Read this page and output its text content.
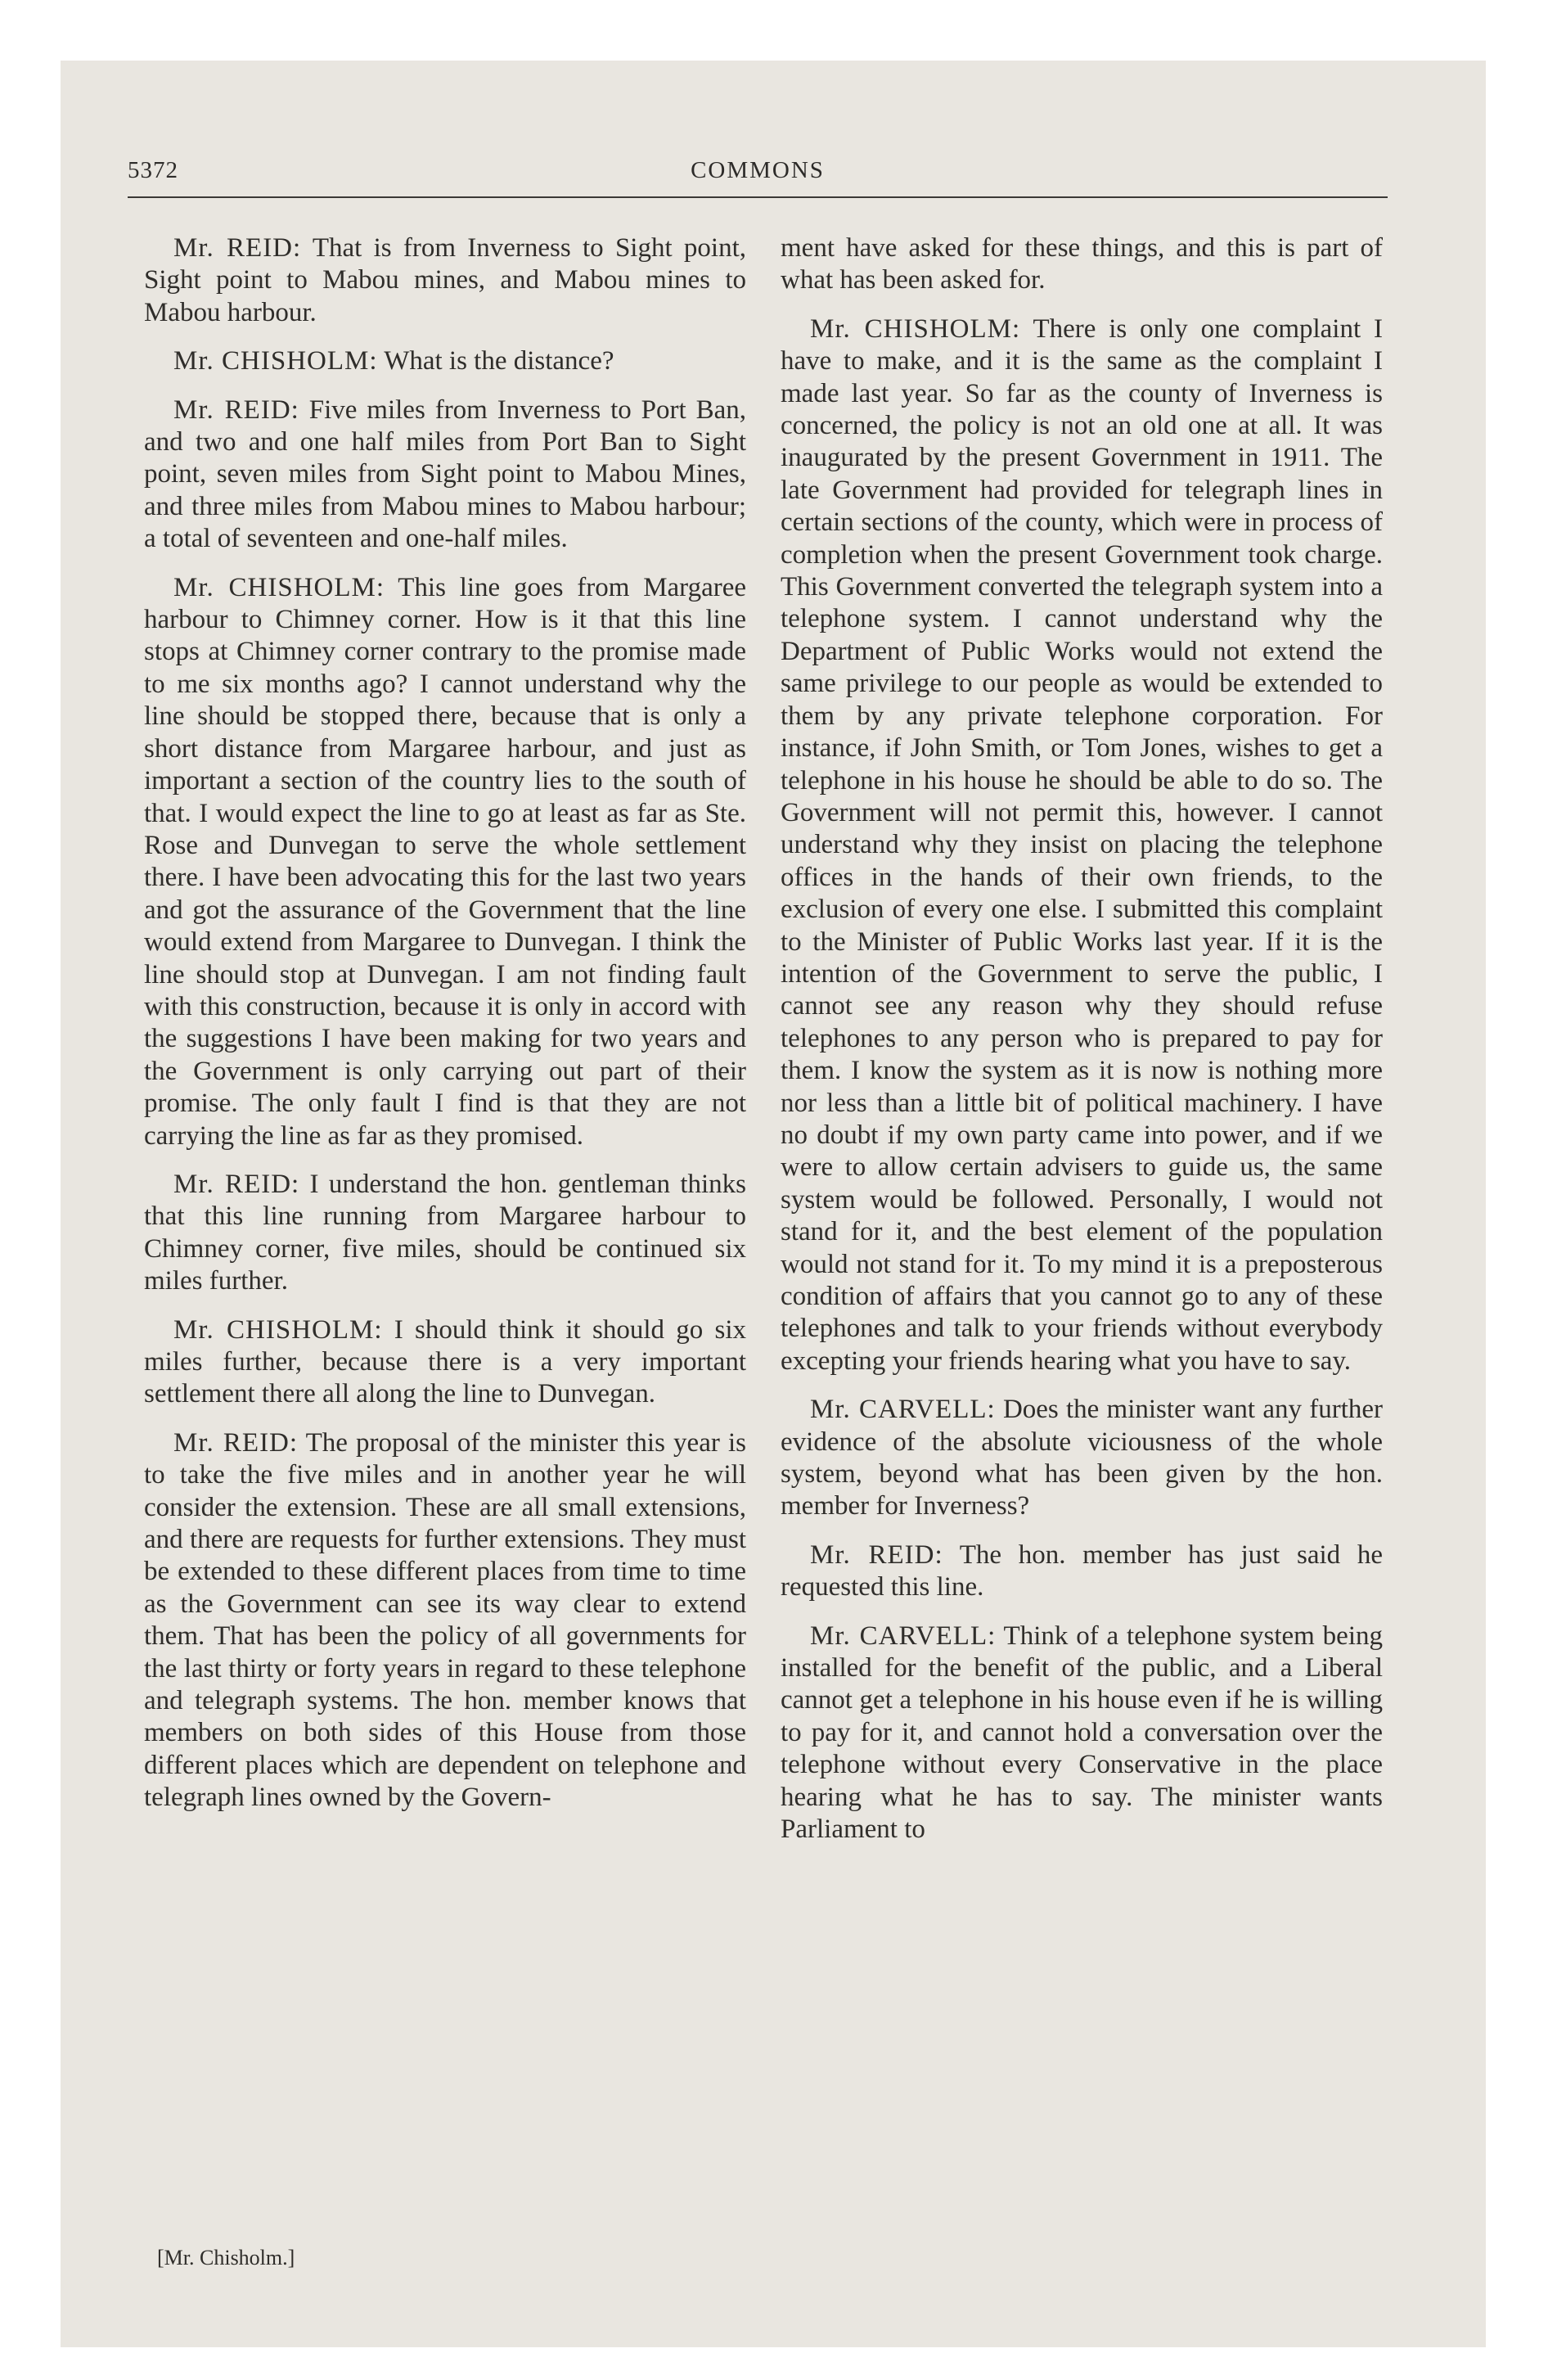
5372	COMMONS

Mr. REID: That is from Inverness to Sight point, Sight point to Mabou mines, and Mabou mines to Mabou harbour.

Mr. CHISHOLM: What is the distance?

Mr. REID: Five miles from Inverness to Port Ban, and two and one half miles from Port Ban to Sight point, seven miles from Sight point to Mabou Mines, and three miles from Mabou mines to Mabou harbour; a total of seventeen and one-half miles.

Mr. CHISHOLM: This line goes from Margaree harbour to Chimney corner. How is it that this line stops at Chimney corner contrary to the promise made to me six months ago? I cannot understand why the line should be stopped there, because that is only a short distance from Margaree harbour, and just as important a section of the country lies to the south of that. I would expect the line to go at least as far as Ste. Rose and Dunvegan to serve the whole settlement there. I have been advocating this for the last two years and got the assurance of the Government that the line would extend from Margaree to Dunvegan. I think the line should stop at Dunvegan. I am not finding fault with this construction, because it is only in accord with the suggestions I have been making for two years and the Government is only carrying out part of their promise. The only fault I find is that they are not carrying the line as far as they promised.

Mr. REID: I understand the hon. gentleman thinks that this line running from Margaree harbour to Chimney corner, five miles, should be continued six miles further.

Mr. CHISHOLM: I should think it should go six miles further, because there is a very important settlement there all along the line to Dunvegan.

Mr. REID: The proposal of the minister this year is to take the five miles and in another year he will consider the extension. These are all small extensions, and there are requests for further extensions. They must be extended to these different places from time to time as the Government can see its way clear to extend them. That has been the policy of all governments for the last thirty or forty years in regard to these telephone and telegraph systems. The hon. member knows that members on both sides of this House from those different places which are dependent on telephone and telegraph lines owned by the Govern-

ment have asked for these things, and this is part of what has been asked for.

Mr. CHISHOLM: There is only one complaint I have to make, and it is the same as the complaint I made last year. So far as the county of Inverness is concerned, the policy is not an old one at all. It was inaugurated by the present Government in 1911. The late Government had provided for telegraph lines in certain sections of the county, which were in process of completion when the present Government took charge. This Government converted the telegraph system into a telephone system. I cannot understand why the Department of Public Works would not extend the same privilege to our people as would be extended to them by any private telephone corporation. For instance, if John Smith, or Tom Jones, wishes to get a telephone in his house he should be able to do so. The Government will not permit this, however. I cannot understand why they insist on placing the telephone offices in the hands of their own friends, to the exclusion of every one else. I submitted this complaint to the Minister of Public Works last year. If it is the intention of the Government to serve the public, I cannot see any reason why they should refuse telephones to any person who is prepared to pay for them. I know the system as it is now is nothing more nor less than a little bit of political machinery. I have no doubt if my own party came into power, and if we were to allow certain advisers to guide us, the same system would be followed. Personally, I would not stand for it, and the best element of the population would not stand for it. To my mind it is a preposterous condition of affairs that you cannot go to any of these telephones and talk to your friends without everybody excepting your friends hearing what you have to say.

Mr. CARVELL: Does the minister want any further evidence of the absolute viciousness of the whole system, beyond what has been given by the hon. member for Inverness?

Mr. REID: The hon. member has just said he requested this line.

Mr. CARVELL: Think of a telephone system being installed for the benefit of the public, and a Liberal cannot get a telephone in his house even if he is willing to pay for it, and cannot hold a conversation over the telephone without every Conservative in the place hearing what he has to say. The minister wants Parliament to

[Mr. Chisholm.]
